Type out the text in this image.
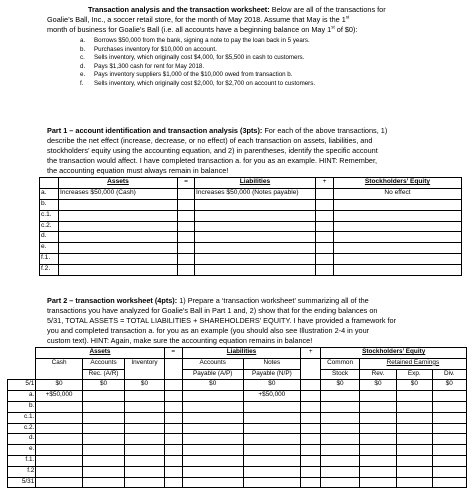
Transaction analysis and the transaction worksheet: Below are all of the transactions for
Goalie’s Ball, Inc., a soccer retail store, for the month of May 2018. Assume that May is the 1st
month of business for Goalie’s Ball (i.e. all accounts have a beginning balance on May 1st of $0):
a. Borrows $50,000 from the bank, signing a note to pay the loan back in 5 years.
b. Purchases inventory for $10,000 on account.
c. Sells inventory, which originally cost $4,000, for $5,500 in cash to customers.
d. Pays $1,300 cash for rent for May 2018.
e. Pays inventory suppliers $1,000 of the $10,000 owed from transaction b.
f. Sells inventory, which originally cost $2,000, for $2,700 on account to customers.
Part 1 – account identification and transaction analysis (3pts): For each of the above transactions, 1)
describe the net effect (increase, decrease, or no effect) of each transaction on assets, liabilities, and
stockholders’ equity using the accounting equation, and 2) in parentheses, identify the specific account
the transaction would affect. I have completed transaction a. for you as an example. HINT: Remember,
the accounting equation must always remain in balance!
	Assets	=	Liabilities	+	Stockholders’ Equity
a.	Increases $50,000 (Cash)		Increases $50,000 (Notes payable)		No effect
b.					
c.1.					
c.2.					
d.					
e.					
f.1.					
f.2.					
Part 2 – transaction worksheet (4pts): 1) Prepare a ‘transaction worksheet’ summarizing all of the
transactions you have analyzed for Goalie’s Ball in Part 1 and, 2) show that for the ending balances on
5/31, TOTAL ASSETS = TOTAL LIABILITIES + SHAREHOLDERS’ EQUITY. I have provided a framework for
you and completed transaction a. for you as an example (you should also see Illustration 2-4 in your
custom text). HINT: Again, make sure the accounting equation remains in balance!
	Assets			=	Liabilities		+	Stockholders’ Equity			
	Cash	Accounts	Inventory		Accounts	Notes		Common	Retained Earnings		
		Rec. (A/R)			Payable (A/P)	Payable (N/P)		Stock	Rev.	Exp.	Div.
5/1	$0	$0	$0		$0	$0		$0	$0	$0	$0
a.	+$50,000					+$50,000					
b.											
c.1.											
c.2.											
d.											
e.											
f.1.											
f.2											
5/31											
